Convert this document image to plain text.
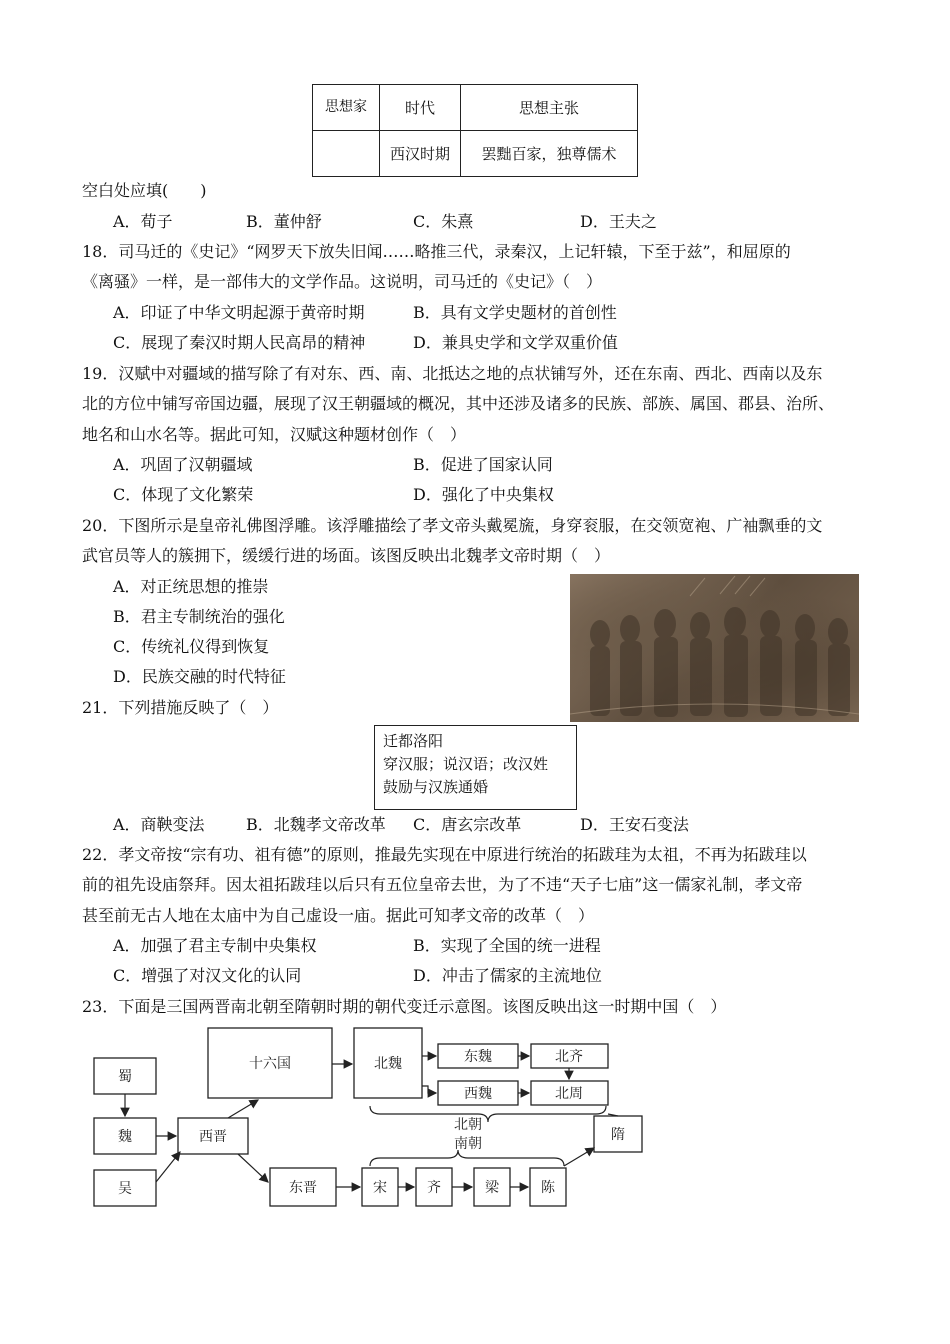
思想家	时代	思想主张
	西汉时期	罢黜百家，独尊儒术
空白处应填(　　)
A．荀子	B．董仲舒	C．朱熹	D．王夫之
18．司马迁的《史记》“网罗天下放失旧闻……略推三代，录秦汉，上记轩辕，下至于兹”，和屈原的
《离骚》一样，是一部伟大的文学作品。这说明，司马迁的《史记》（　）
A．印证了中华文明起源于黄帝时期	B．具有文学史题材的首创性
C．展现了秦汉时期人民高昂的精神	D．兼具史学和文学双重价值
19．汉赋中对疆域的描写除了有对东、西、南、北抵达之地的点状铺写外，还在东南、西北、西南以及东
北的方位中铺写帝国边疆，展现了汉王朝疆域的概况，其中还涉及诸多的民族、部族、属国、郡县、治所、
地名和山水名等。据此可知，汉赋这种题材创作（　）
A．巩固了汉朝疆域	B．促进了国家认同
C．体现了文化繁荣	D．强化了中央集权
20．下图所示是皇帝礼佛图浮雕。该浮雕描绘了孝文帝头戴冕旒，身穿衮服，在交领宽袍、广袖飘垂的文
武官员等人的簇拥下，缓缓行进的场面。该图反映出北魏孝文帝时期（　）
A．对正统思想的推崇
B．君主专制统治的强化
C．传统礼仪得到恢复
D．民族交融的时代特征
21．下列措施反映了（　）
迁都洛阳
穿汉服；说汉语；改汉姓
鼓励与汉族通婚
A．商鞅变法	B．北魏孝文帝改革 C．唐玄宗改革	D．王安石变法
22．孝文帝按“宗有功、祖有德”的原则，推最先实现在中原进行统治的拓跋珪为太祖，不再为拓跋珪以
前的祖先设庙祭拜。因太祖拓跋珪以后只有五位皇帝去世，为了不违“天子七庙”这一儒家礼制，孝文帝
甚至前无古人地在太庙中为自己虚设一庙。据此可知孝文帝的改革（　）
A．加强了君主专制中央集权	B．实现了全国的统一进程
C．增强了对汉文化的认同	D．冲击了儒家的主流地位
23．下面是三国两晋南北朝至隋朝时期的朝代变迁示意图。该图反映出这一时期中国（　）
蜀
魏
吴
西晋
十六国	北魏	东魏
西魏
北齐
北周
隋
东晋	宋	齐	梁	陈
北朝
南朝
